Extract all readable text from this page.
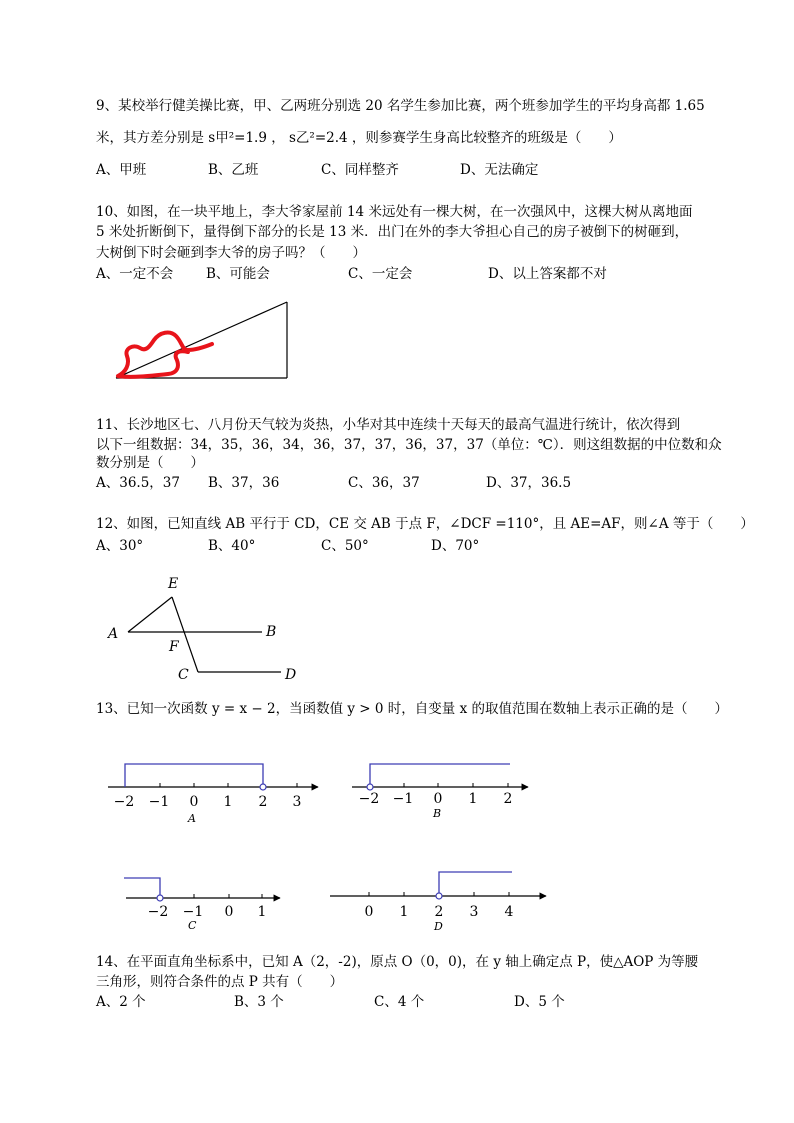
9、某校举行健美操比赛，甲、乙两班分别选 20 名学生参加比赛，两个班参加学生的平均身高都 1.65
米，其方差分别是 s甲²=1.9 ， s乙²=2.4 ，则参赛学生身高比较整齐的班级是（　　）
A、甲班	B、乙班	C、同样整齐	D、无法确定
10、如图，在一块平地上，李大爷家屋前 14 米远处有一棵大树，在一次强风中，这棵大树从离地面
5 米处折断倒下，量得倒下部分的长是 13 米．出门在外的李大爷担心自己的房子被倒下的树砸到，
大树倒下时会砸到李大爷的房子吗？（　　）
A、一定不会 B、可能会	C、一定会	D、以上答案都不对
11、长沙地区七、八月份天气较为炎热，小华对其中连续十天每天的最高气温进行统计，依次得到
以下一组数据：34，35，36，34，36，37，37，36，37，37（单位：℃）．则这组数据的中位数和众
数分别是（　　）
A、36.5，37 B、37，36	C、36，37	D、37，36.5
12、如图，已知直线 AB 平行于 CD，CE 交 AB 于点 F，∠DCF =110°，且 AE=AF，则∠A 等于（　　）
A、30°	B、40°	C、50°	D、70°
E
A	B
F
C	D
13、已知一次函数 y = x − 2，当函数值 y > 0 时，自变量 x 的取值范围在数轴上表示正确的是（　　）
−2 −1 0 1 2 3
A
−2 −1 0 1 2
B
−2 −1 0 1
C
0 1 2 3 4
D
14、在平面直角坐标系中，已知 A（2，-2)，原点 O（0，0)，在 y 轴上确定点 P，使△AOP 为等腰
三角形，则符合条件的点 P 共有（　　）
A、2 个	B、3 个	C、4 个	D、5 个
